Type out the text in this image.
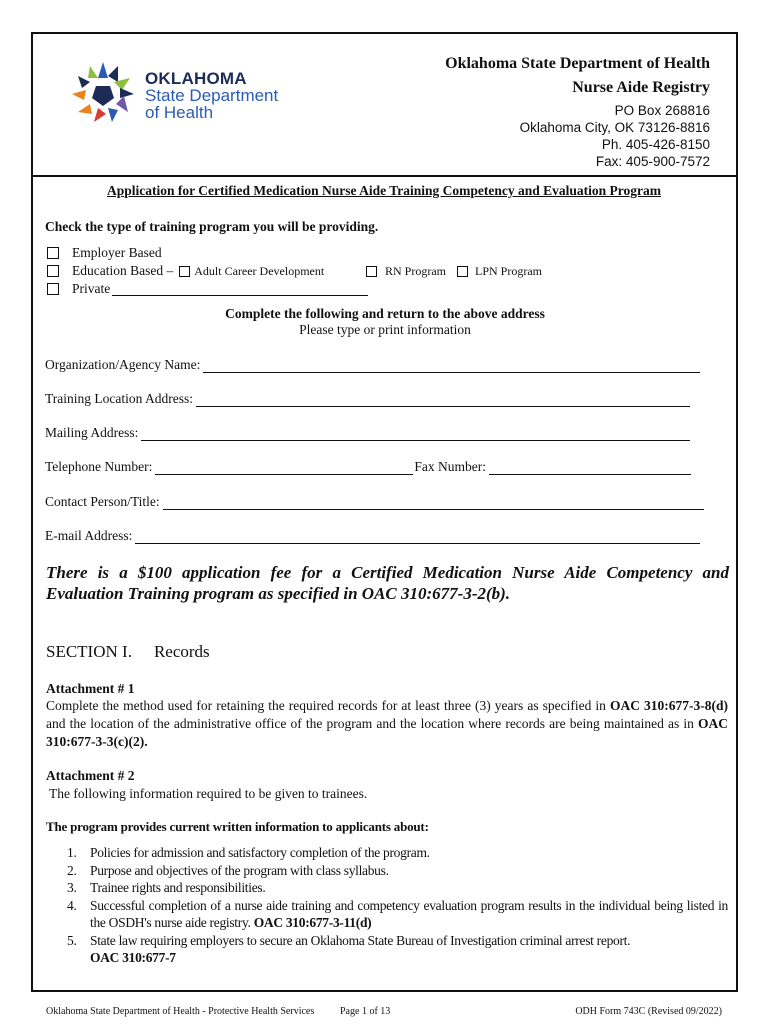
OKLAHOMA
State Department
of Health
Oklahoma State Department of Health
Nurse Aide Registry
PO Box 268816
Oklahoma City, OK 73126-8816
Ph. 405-426-8150
Fax: 405-900-7572
Application for Certified Medication Nurse Aide Training Competency and Evaluation Program
Check the type of training program you will be providing.
Employer Based
Education Based – Adult Career Development	RN Program LPN Program
Private
Complete the following and return to the above address
Please type or print information
Organization/Agency Name:
Training Location Address:
Mailing Address:
Telephone Number:	Fax Number:
Contact Person/Title:
E-mail Address:
There is a $100 application fee for a Certified Medication Nurse Aide Competency and Evaluation Training program as specified in OAC 310:677-3-2(b).
SECTION I. Records
Attachment # 1
Complete the method used for retaining the required records for at least three (3) years as specified in OAC 310:677-3-8(d) and the location of the administrative office of the program and the location where records are being maintained as in OAC 310:677-3-3(c)(2).
Attachment # 2
The following information required to be given to trainees.
The program provides current written information to applicants about:
1. Policies for admission and satisfactory completion of the program.
2. Purpose and objectives of the program with class syllabus.
3. Trainee rights and responsibilities.
4. Successful completion of a nurse aide training and competency evaluation program results in the individual being listed in the OSDH's nurse aide registry. OAC 310:677-3-11(d)
5. State law requiring employers to secure an Oklahoma State Bureau of Investigation criminal arrest report.
OAC 310:677-7
Oklahoma State Department of Health - Protective Health Services	Page 1 of 13	ODH Form 743C (Revised 09/2022)
